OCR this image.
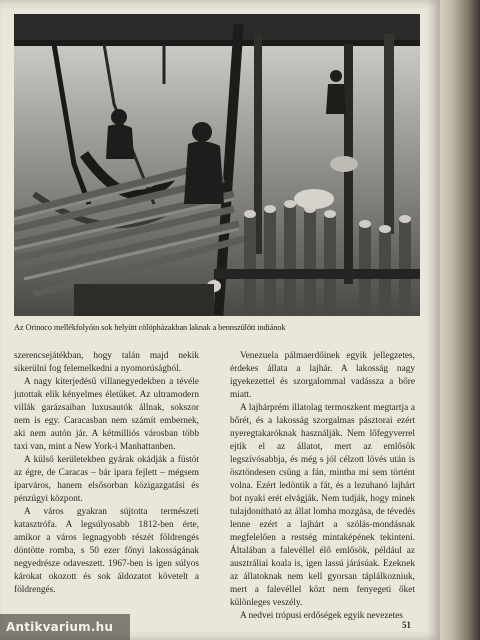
Az Orinoco mellékfolyóin sok helyütt cölöpházakban laknak a bennszülött indiánok

szerencsejátékban, hogy talán majd nekik sikerülni fog felemelkedni a nyomorúságból.

A nagy kiterjedésű villanegyedekben a tévéle jutottak elik kényelmes életüket. Az ultramodern villák garázsaiban luxusautók állnak, sokszor nem is egy. Caracasban nem számít embernek, aki nem autón jár. A kétmilliós városban több taxi van, mint a New York-i Manhattanben.

A külső kerületekben gyárak okádják a füstöt az égre, de Caracas – bár ipara fejlett – mégsem iparváros, hanem elsősorban közigazgatási és pénzügyi központ.

A város gyakran sújtotta természeti katasztrófa. A legsúlyosabb 1812-ben érte, amikor a város legnagyobb részét földrengés döntötte romba, s 50 ezer főnyi lakosságának negyedrésze odaveszett. 1967-ben is igen súlyos károkat okozott és sok áldozatot követelt a földrengés.

Venezuela pálmaerdőinek egyik jellegzetes, érdekes állata a lajhár. A lakosság nagy igyekezettel és szorgalommal vadássza a bőre miatt.

A lajhárprém illatolag termoszkent megtartja a bőrét, és a lakosság szorgalmas pásztorai ezért nyeregtakaróknak használják. Nem lőfegyverrel ejtik el az állatot, mert az emlősök legszívósabbja, és még s jól célzott lövés után is ösztöndesen csüng a fán, mintha mi sem történt volna. Ezért ledöntik a fát, és a lezuhanó lajhárt bot nyaki erét elvágják. Nem tudják, hogy minek tulajdonítható az állat lomha mozgása, de tévedés lenne ezért a lajhárt a szólás-mondásnak megfelelően a restség mintaképének tekinteni. Általában a falevéllel élő emlősök, például az ausztráliai koala is, igen lassú járásúak. Ezeknek az állatoknak nem kell gyorsan táplálkozniuk, mert a falevéllel közt nem fenyegeti őket különleges veszély.

A nedvei trópusi erdőségek egyik nevezetes

51
Antikvarium.hu
